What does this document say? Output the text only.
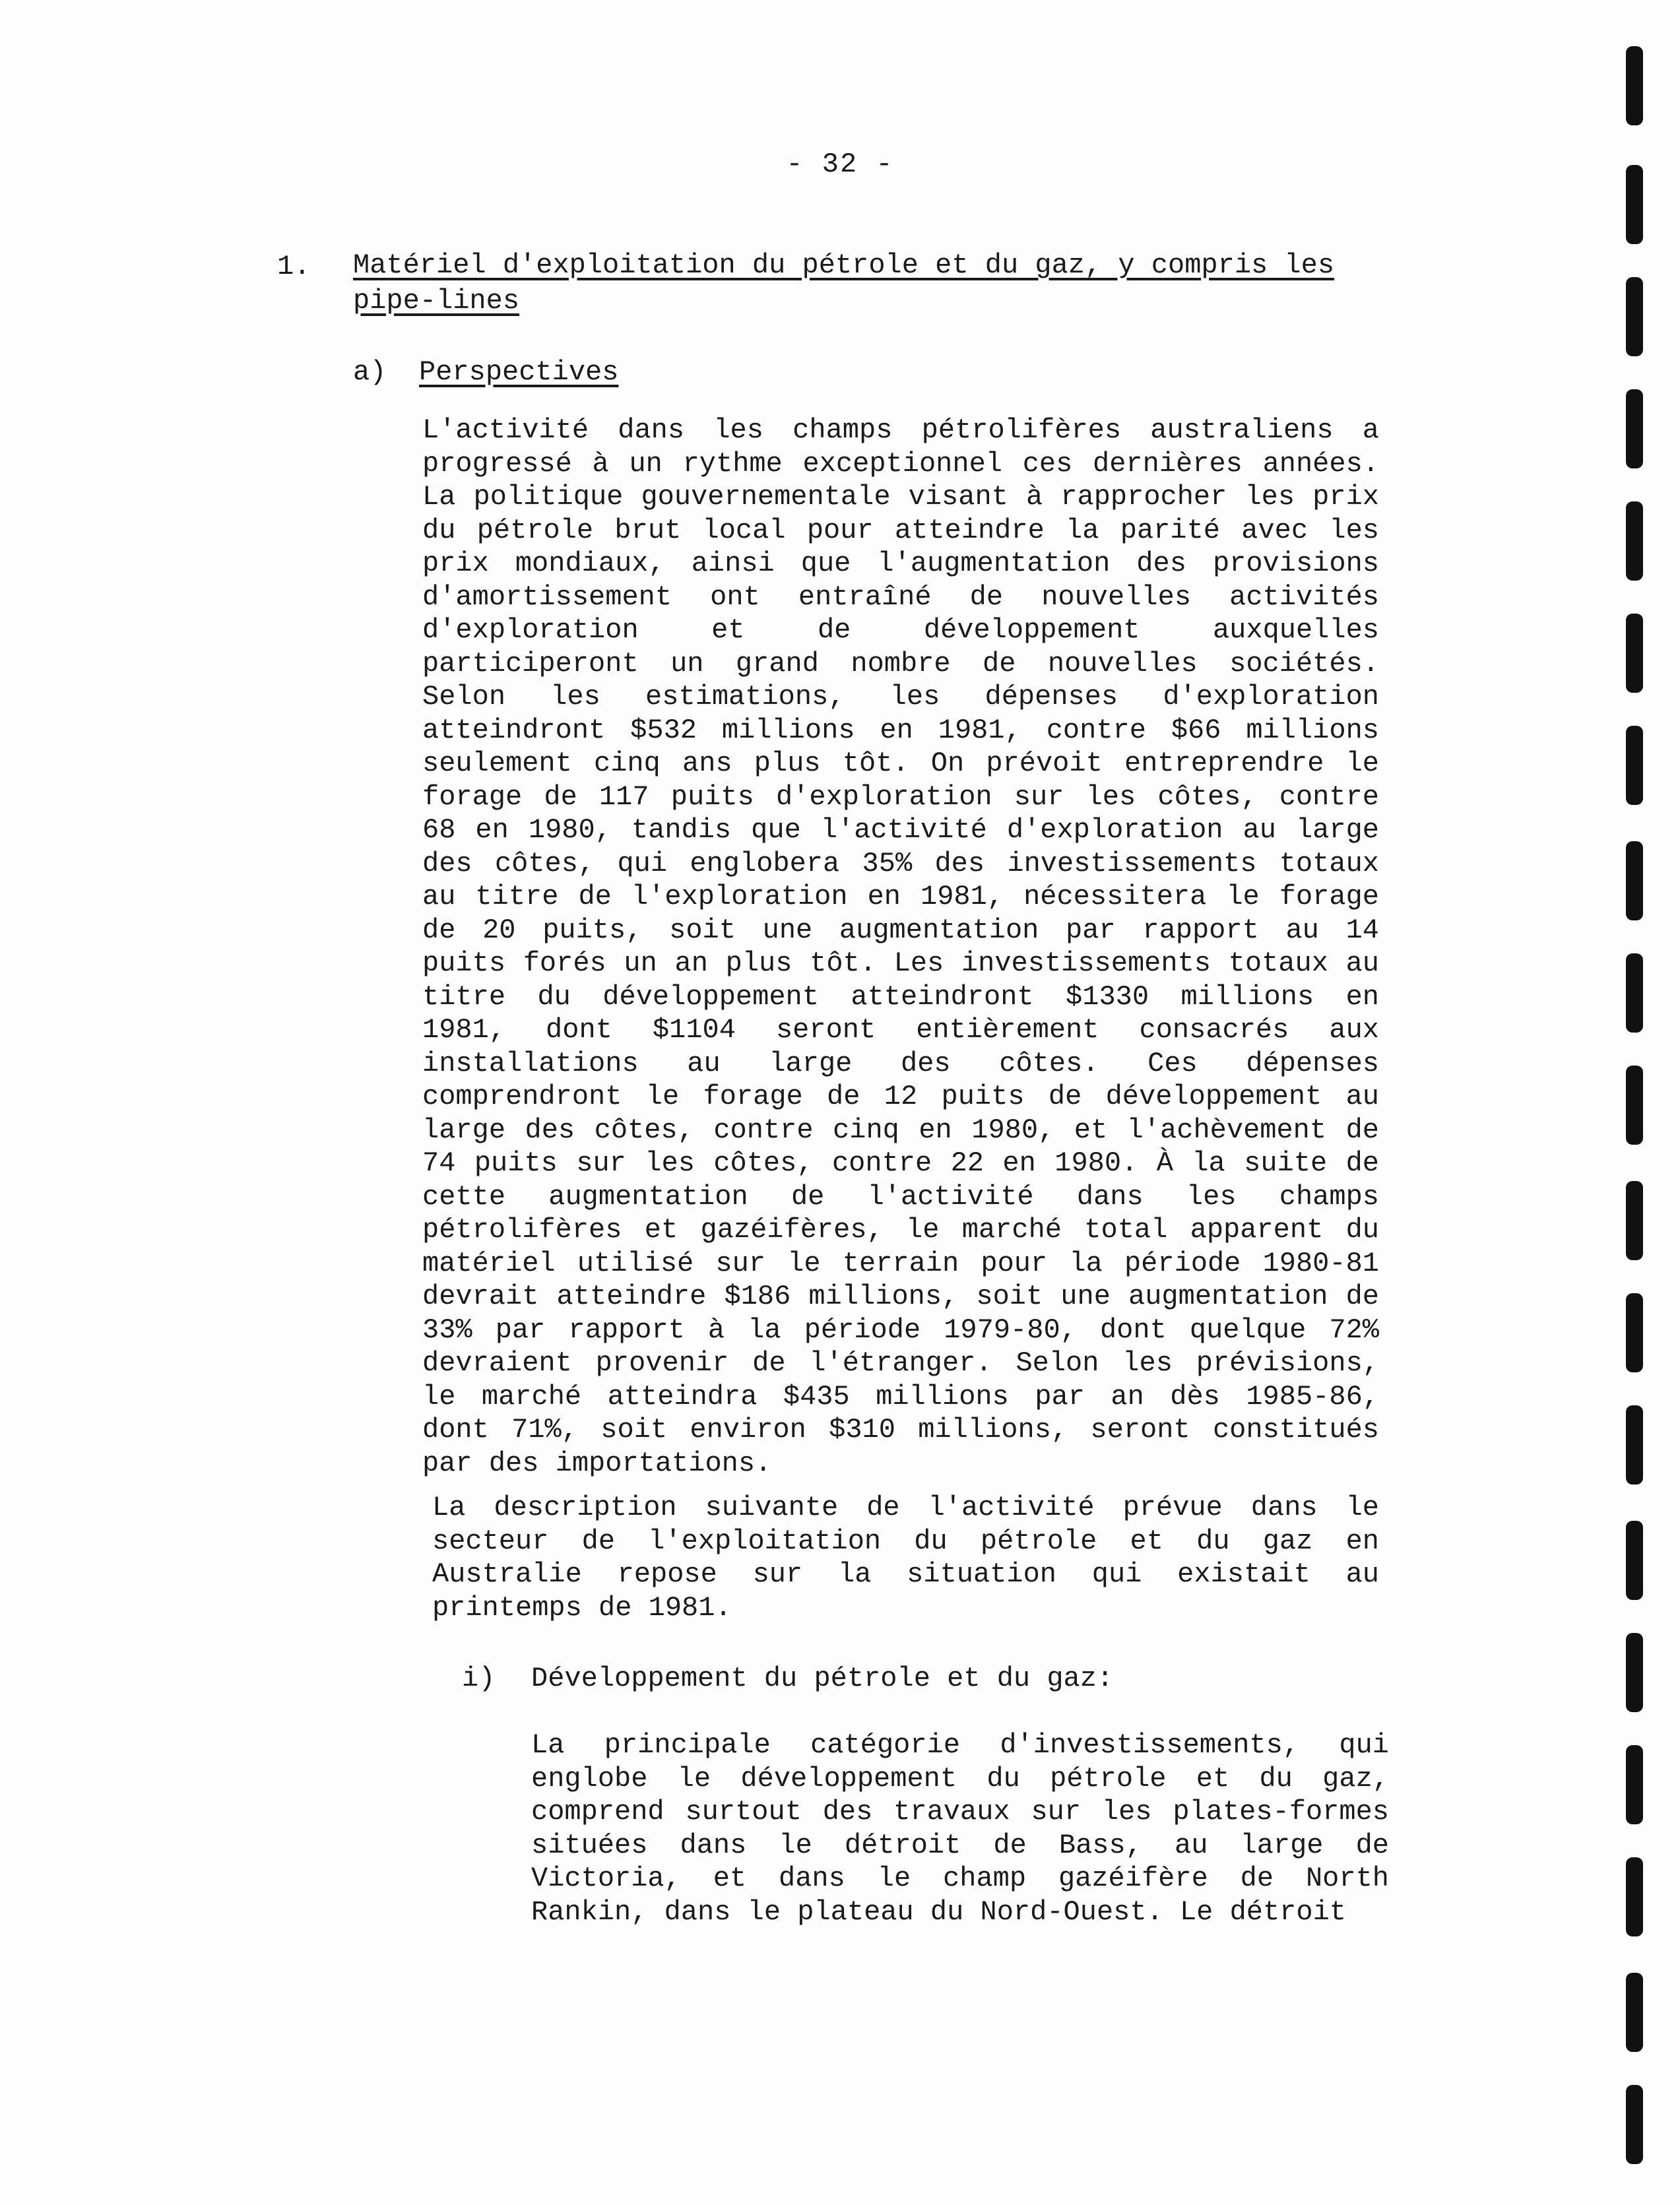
- 32 -
1. Matériel d'exploitation du pétrole et du gaz, y compris les pipe-lines
a) Perspectives

L'activité dans les champs pétrolifères australiens a progressé à un rythme exceptionnel ces dernières années. La politique gouvernementale visant à rapprocher les prix du pétrole brut local pour atteindre la parité avec les prix mondiaux, ainsi que l'augmentation des provisions d'amortissement ont entraîné de nouvelles activités d'exploration et de développement auxquelles participeront un grand nombre de nouvelles sociétés. Selon les estimations, les dépenses d'exploration atteindront $532 millions en 1981, contre $66 millions seulement cinq ans plus tôt. On prévoit entreprendre le forage de 117 puits d'exploration sur les côtes, contre 68 en 1980, tandis que l'activité d'exploration au large des côtes, qui englobera 35% des investissements totaux au titre de l'exploration en 1981, nécessitera le forage de 20 puits, soit une augmentation par rapport au 14 puits forés un an plus tôt. Les investissements totaux au titre du développement atteindront $1330 millions en 1981, dont $1104 seront entièrement consacrés aux installations au large des côtes. Ces dépenses comprendront le forage de 12 puits de développement au large des côtes, contre cinq en 1980, et l'achèvement de 74 puits sur les côtes, contre 22 en 1980. À la suite de cette augmentation de l'activité dans les champs pétrolifères et gazéifères, le marché total apparent du matériel utilisé sur le terrain pour la période 1980-81 devrait atteindre $186 millions, soit une augmentation de 33% par rapport à la période 1979-80, dont quelque 72% devraient provenir de l'étranger. Selon les prévisions, le marché atteindra $435 millions par an dès 1985-86, dont 71%, soit environ $310 millions, seront constitués par des importations.

La description suivante de l'activité prévue dans le secteur de l'exploitation du pétrole et du gaz en Australie repose sur la situation qui existait au printemps de 1981.

i) Développement du pétrole et du gaz:

La principale catégorie d'investissements, qui englobe le développement du pétrole et du gaz, comprend surtout des travaux sur les plates-formes situées dans le détroit de Bass, au large de Victoria, et dans le champ gazéifère de North Rankin, dans le plateau du Nord-Ouest. Le détroit
